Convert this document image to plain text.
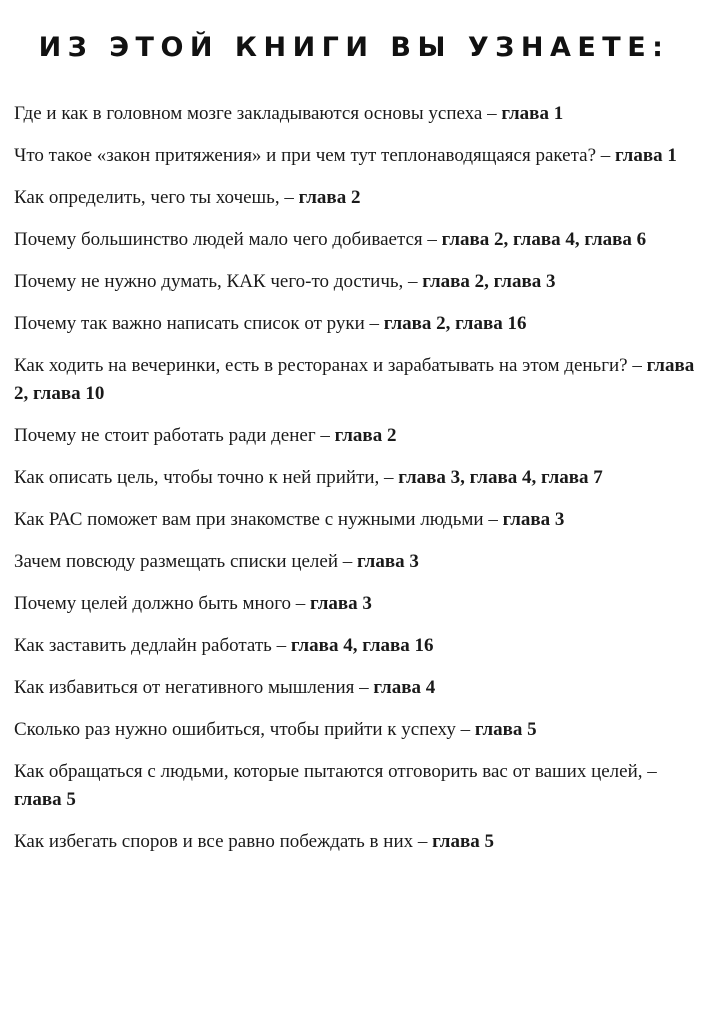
ИЗ ЭТОЙ КНИГИ ВЫ УЗНАЕТЕ:
Где и как в головном мозге закладываются основы успеха – глава 1
Что такое «закон притяжения» и при чем тут теплонаводящаяся ракета? – глава 1
Как определить, чего ты хочешь, – глава 2
Почему большинство людей мало чего добивается – глава 2, глава 4, глава 6
Почему не нужно думать, КАК чего-то достичь, – глава 2, глава 3
Почему так важно написать список от руки – глава 2, глава 16
Как ходить на вечеринки, есть в ресторанах и зарабатывать на этом деньги? – глава 2, глава 10
Почему не стоит работать ради денег – глава 2
Как описать цель, чтобы точно к ней прийти, – глава 3, глава 4, глава 7
Как РАС поможет вам при знакомстве с нужными людьми – глава 3
Зачем повсюду размещать списки целей – глава 3
Почему целей должно быть много – глава 3
Как заставить дедлайн работать – глава 4, глава 16
Как избавиться от негативного мышления – глава 4
Сколько раз нужно ошибиться, чтобы прийти к успеху – глава 5
Как обращаться с людьми, которые пытаются отговорить вас от ваших целей, – глава 5
Как избегать споров и все равно побеждать в них – глава 5
